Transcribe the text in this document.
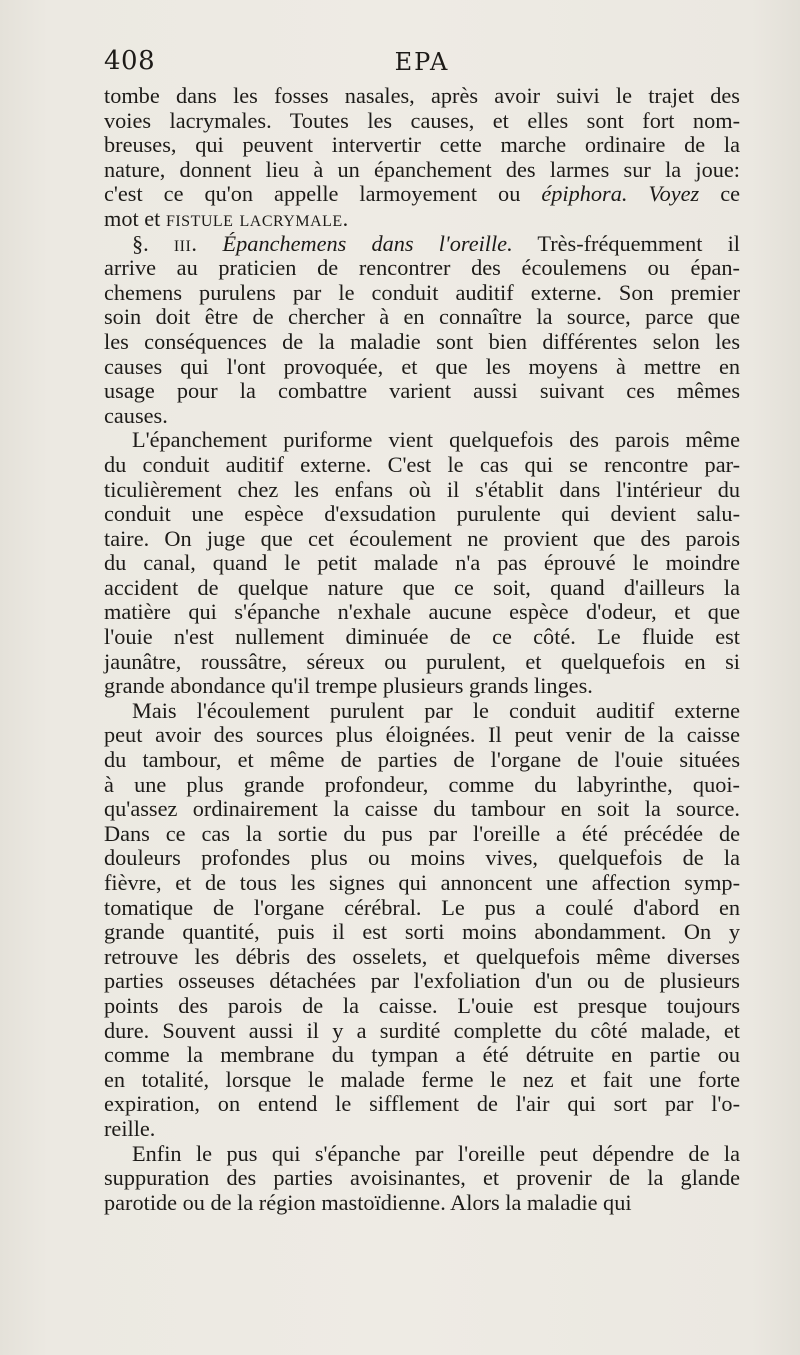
408	EPA
tombe dans les fosses nasales, après avoir suivi le trajet des
voies lacrymales. Toutes les causes, et elles sont fort nom-
breuses, qui peuvent intervertir cette marche ordinaire de la
nature, donnent lieu à un épanchement des larmes sur la joue:
c'est ce qu'on appelle larmoyement ou épiphora. Voyez ce
mot et fistule lacrymale.
§. iii. Épanchemens dans l'oreille. Très-fréquemment il
arrive au praticien de rencontrer des écoulemens ou épan-
chemens purulens par le conduit auditif externe. Son premier
soin doit être de chercher à en connaître la source, parce que
les conséquences de la maladie sont bien différentes selon les
causes qui l'ont provoquée, et que les moyens à mettre en
usage pour la combattre varient aussi suivant ces mêmes
causes.
L'épanchement puriforme vient quelquefois des parois même
du conduit auditif externe. C'est le cas qui se rencontre par-
ticulièrement chez les enfans où il s'établit dans l'intérieur du
conduit une espèce d'exsudation purulente qui devient salu-
taire. On juge que cet écoulement ne provient que des parois
du canal, quand le petit malade n'a pas éprouvé le moindre
accident de quelque nature que ce soit, quand d'ailleurs la
matière qui s'épanche n'exhale aucune espèce d'odeur, et que
l'ouie n'est nullement diminuée de ce côté. Le fluide est
jaunâtre, roussâtre, séreux ou purulent, et quelquefois en si
grande abondance qu'il trempe plusieurs grands linges.
Mais l'écoulement purulent par le conduit auditif externe
peut avoir des sources plus éloignées. Il peut venir de la caisse
du tambour, et même de parties de l'organe de l'ouie situées
à une plus grande profondeur, comme du labyrinthe, quoi-
qu'assez ordinairement la caisse du tambour en soit la source.
Dans ce cas la sortie du pus par l'oreille a été précédée de
douleurs profondes plus ou moins vives, quelquefois de la
fièvre, et de tous les signes qui annoncent une affection symp-
tomatique de l'organe cérébral. Le pus a coulé d'abord en
grande quantité, puis il est sorti moins abondamment. On y
retrouve les débris des osselets, et quelquefois même diverses
parties osseuses détachées par l'exfoliation d'un ou de plusieurs
points des parois de la caisse. L'ouie est presque toujours
dure. Souvent aussi il y a surdité complette du côté malade, et
comme la membrane du tympan a été détruite en partie ou
en totalité, lorsque le malade ferme le nez et fait une forte
expiration, on entend le sifflement de l'air qui sort par l'o-
reille.
Enfin le pus qui s'épanche par l'oreille peut dépendre de la
suppuration des parties avoisinantes, et provenir de la glande
parotide ou de la région mastoïdienne. Alors la maladie qui
